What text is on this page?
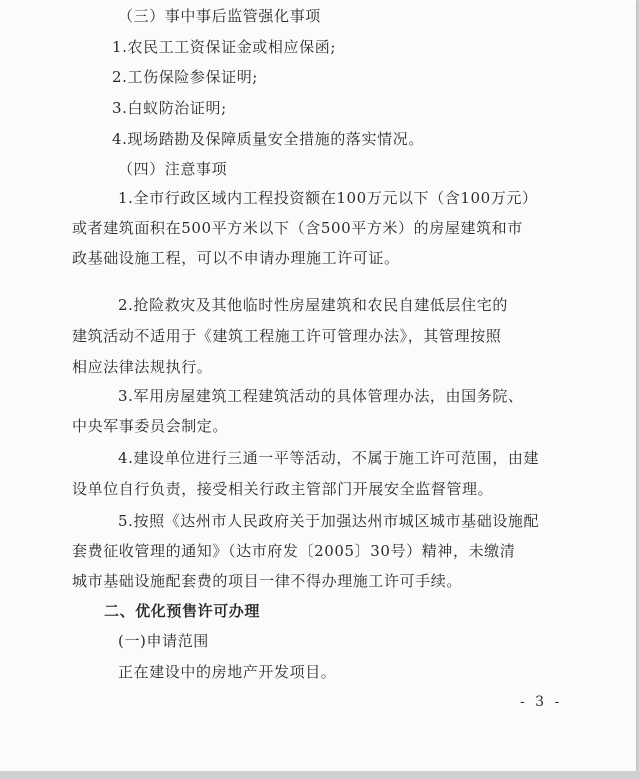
（三）事中事后监管强化事项
1.农民工工资保证金或相应保函;
2.工伤保险参保证明;
3.白蚁防治证明;
4.现场踏勘及保障质量安全措施的落实情况。
（四）注意事项
1.全市行政区域内工程投资额在100万元以下（含100万元）
或者建筑面积在500平方米以下（含500平方米）的房屋建筑和市
政基础设施工程，可以不申请办理施工许可证。
2.抢险救灾及其他临时性房屋建筑和农民自建低层住宅的
建筑活动不适用于《建筑工程施工许可管理办法》，其管理按照
相应法律法规执行。
3.军用房屋建筑工程建筑活动的具体管理办法，由国务院、
中央军事委员会制定。
4.建设单位进行三通一平等活动，不属于施工许可范围，由建
设单位自行负责，接受相关行政主管部门开展安全监督管理。
5.按照《达州市人民政府关于加强达州市城区城市基础设施配
套费征收管理的通知》（达市府发〔2005〕30号）精神，未缴清
城市基础设施配套费的项目一律不得办理施工许可手续。
二、优化预售许可办理
(一)申请范围
正在建设中的房地产开发项目。
- 3 -
